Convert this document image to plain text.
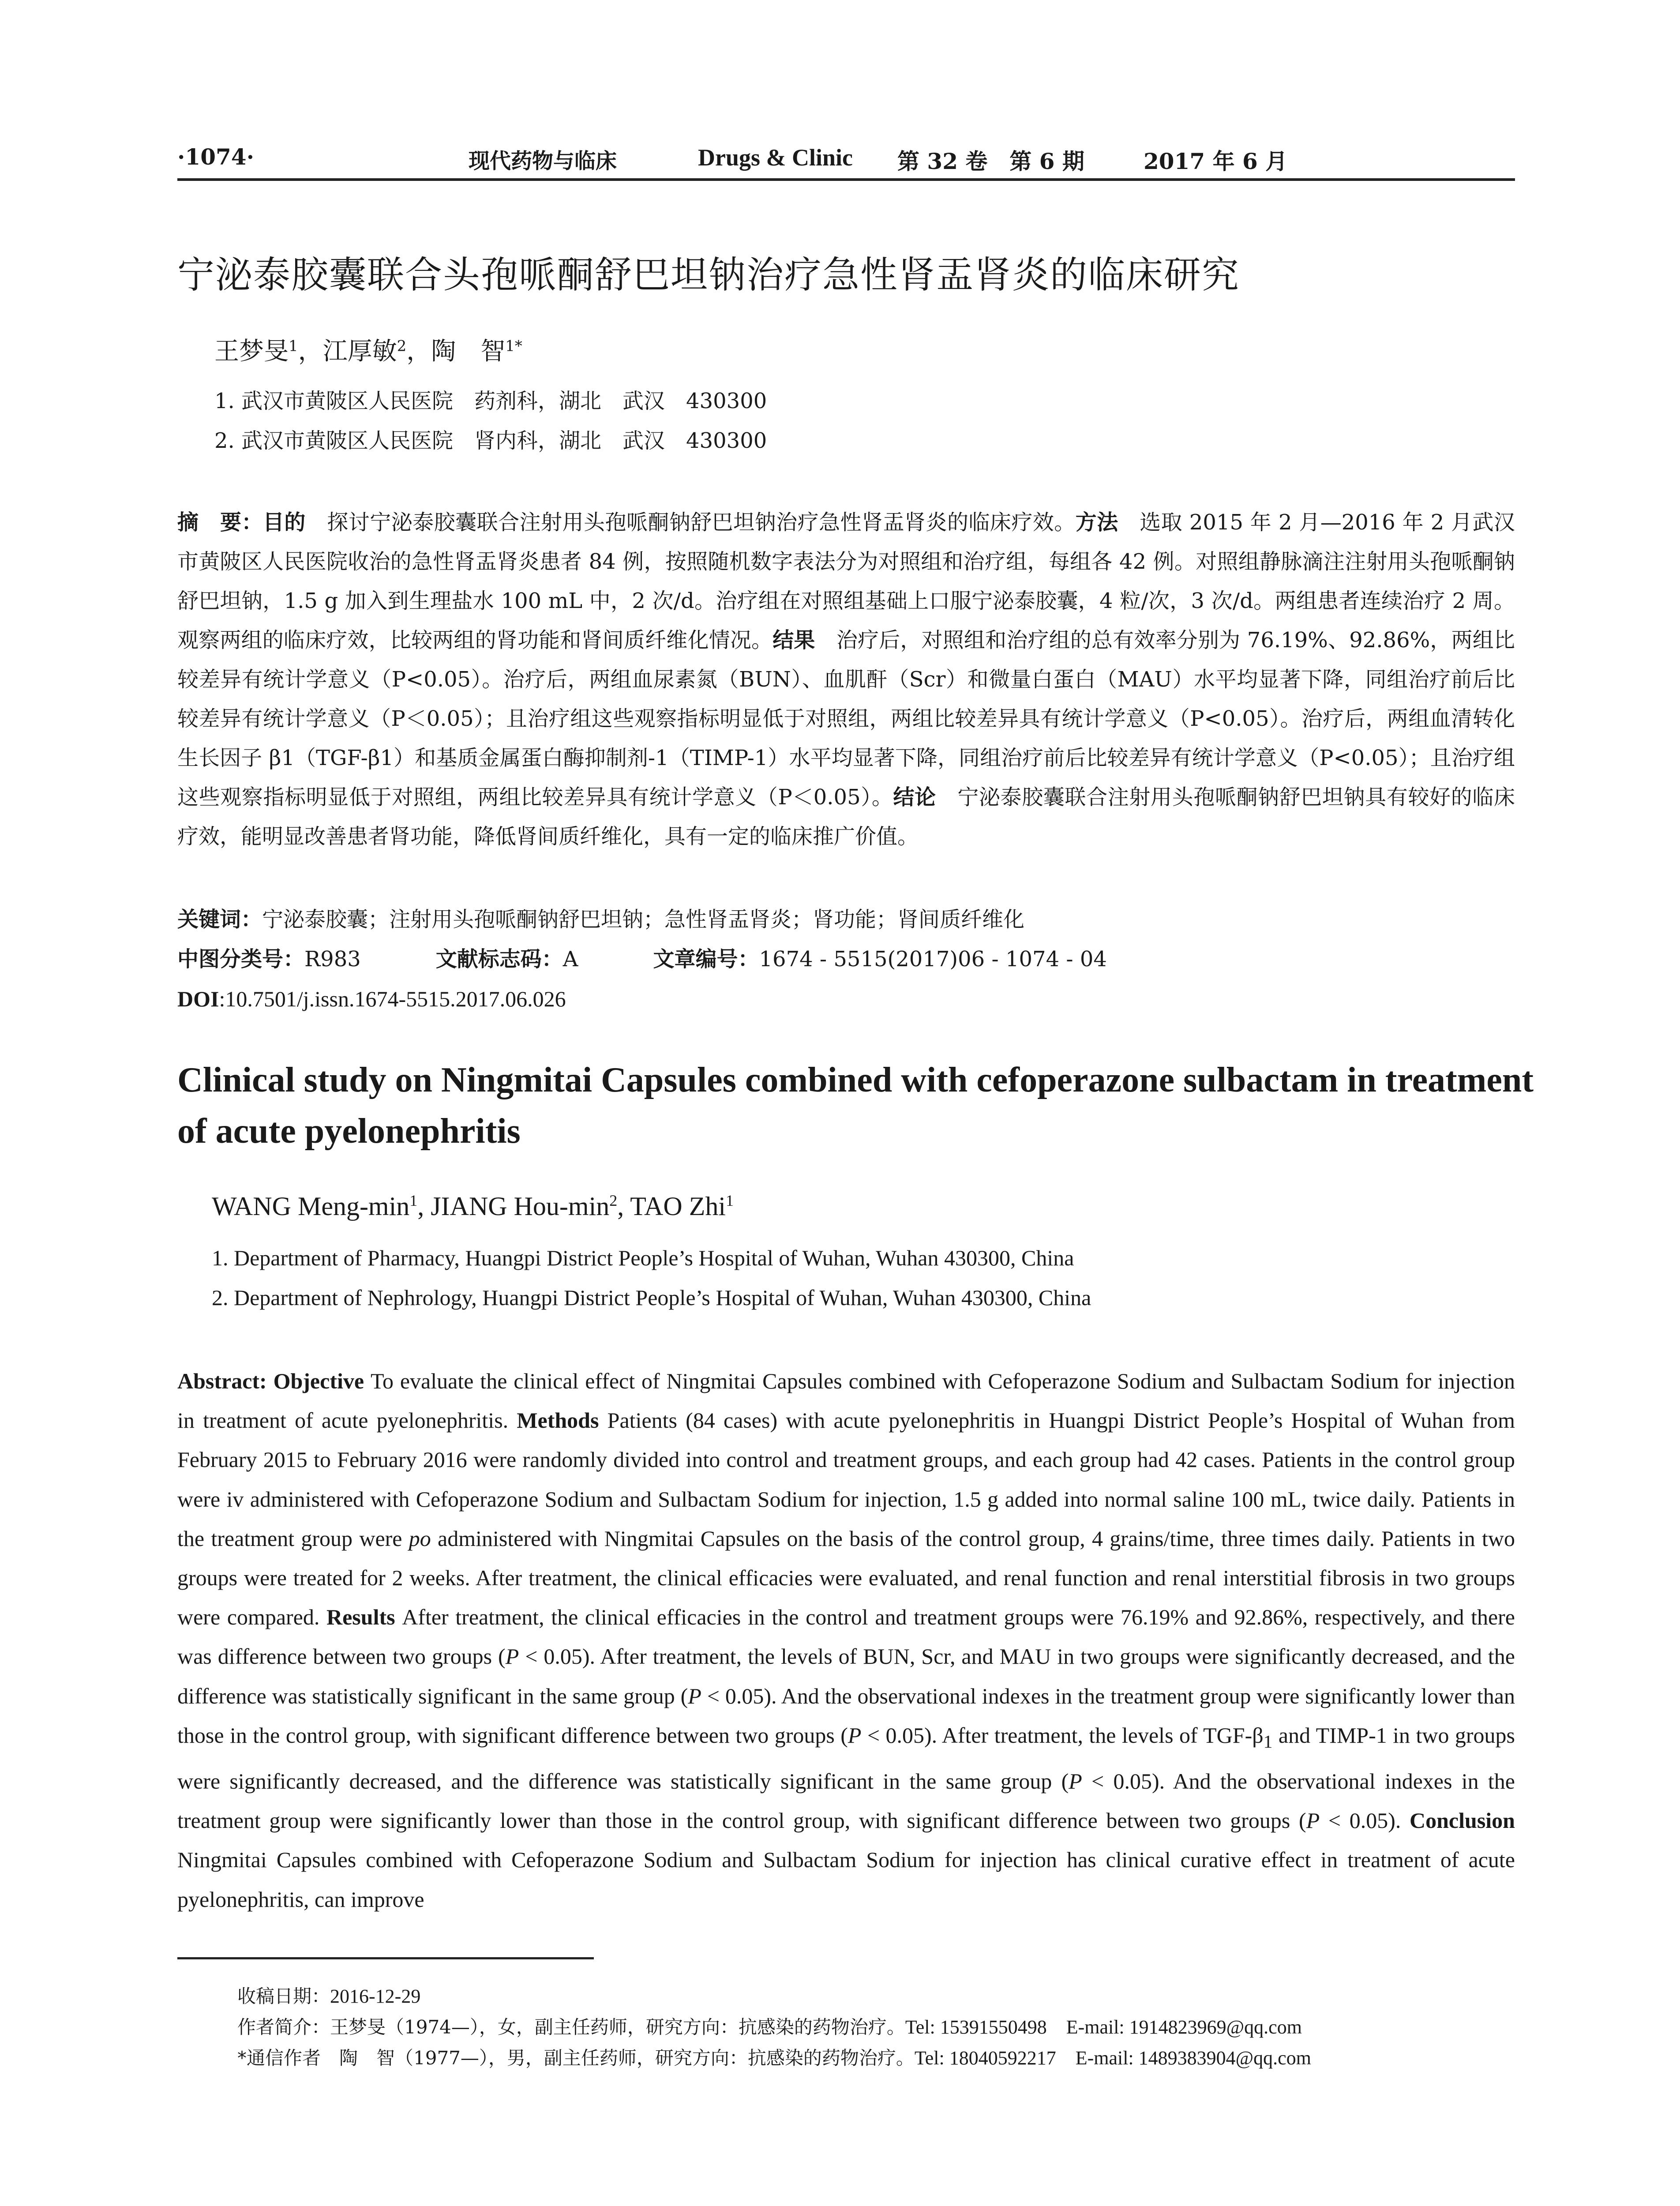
·1074·	现代药物与临床	Drugs & Clinic 第 32 卷　第 6 期	2017 年 6 月
宁泌泰胶囊联合头孢哌酮舒巴坦钠治疗急性肾盂肾炎的临床研究
王梦旻$^1$，江厚敏$^2$，陶　智$^{1*}$
1. 武汉市黄陂区人民医院　药剂科，湖北　武汉　430300
2. 武汉市黄陂区人民医院　肾内科，湖北　武汉　430300
摘　要：目的　探讨宁泌泰胶囊联合注射用头孢哌酮钠舒巴坦钠治疗急性肾盂肾炎的临床疗效。方法　选取 2015 年 2 月—2016 年 2 月武汉市黄陂区人民医院收治的急性肾盂肾炎患者 84 例，按照随机数字表法分为对照组和治疗组，每组各 42 例。对照组静脉滴注注射用头孢哌酮钠舒巴坦钠，1.5 g 加入到生理盐水 100 mL 中，2 次/d。治疗组在对照组基础上口服宁泌泰胶囊，4 粒/次，3 次/d。两组患者连续治疗 2 周。观察两组的临床疗效，比较两组的肾功能和肾间质纤维化情况。结果　治疗后，对照组和治疗组的总有效率分别为 76.19%、92.86%，两组比较差异有统计学意义（P<0.05）。治疗后，两组血尿素氮（BUN）、血肌酐（Scr）和微量白蛋白（MAU）水平均显著下降，同组治疗前后比较差异有统计学意义（P＜0.05）；且治疗组这些观察指标明显低于对照组，两组比较差异具有统计学意义（P<0.05）。治疗后，两组血清转化生长因子 β1（TGF-β1）和基质金属蛋白酶抑制剂-1（TIMP-1）水平均显著下降，同组治疗前后比较差异有统计学意义（P<0.05）；且治疗组这些观察指标明显低于对照组，两组比较差异具有统计学意义（P＜0.05）。结论　宁泌泰胶囊联合注射用头孢哌酮钠舒巴坦钠具有较好的临床疗效，能明显改善患者肾功能，降低肾间质纤维化，具有一定的临床推广价值。
关键词：宁泌泰胶囊；注射用头孢哌酮钠舒巴坦钠；急性肾盂肾炎；肾功能；肾间质纤维化
中图分类号：R983	文献标志码：A	文章编号：1674 - 5515(2017)06 - 1074 - 04
DOI:10.7501/j.issn.1674-5515.2017.06.026
Clinical study on Ningmitai Capsules combined with cefoperazone sulbactam in treatment of acute pyelonephritis
WANG Meng-$\min^1$, JIANG Hou-$\min^2$, TAO Zhi$^1$
1. Department of Pharmacy, Huangpi District People’s Hospital of Wuhan, Wuhan 430300, China
2. Department of Nephrology, Huangpi District People’s Hospital of Wuhan, Wuhan 430300, China
Abstract: Objective To evaluate the clinical effect of Ningmitai Capsules combined with Cefoperazone Sodium and Sulbactam Sodium for injection in treatment of acute pyelonephritis. Methods Patients (84 cases) with acute pyelonephritis in Huangpi District People’s Hospital of Wuhan from February 2015 to February 2016 were randomly divided into control and treatment groups, and each group had 42 cases. Patients in the control group were iv administered with Cefoperazone Sodium and Sulbactam Sodium for injection, 1.5 g added into normal saline 100 mL, twice daily. Patients in the treatment group were po administered with Ningmitai Capsules on the basis of the control group, 4 grains/time, three times daily. Patients in two groups were treated for 2 weeks. After treatment, the clinical efficacies were evaluated, and renal function and renal interstitial fibrosis in two groups were compared. Results After treatment, the clinical efficacies in the control and treatment groups were 76.19% and 92.86%, respectively, and there was difference between two groups (P < 0.05). After treatment, the levels of BUN, Scr, and MAU in two groups were significantly decreased, and the difference was statistically significant in the same group (P < 0.05). And the observational indexes in the treatment group were significantly lower than those in the control group, with significant difference between two groups (P < 0.05). After treatment, the levels of TGF-$\beta_1$ and TIMP-1 in two groups were significantly decreased, and the difference was statistically significant in the same group (P < 0.05). And the observational indexes in the treatment group were significantly lower than those in the control group, with significant difference between two groups (P < 0.05). Conclusion Ningmitai Capsules combined with Cefoperazone Sodium and Sulbactam Sodium for injection has clinical curative effect in treatment of acute pyelonephritis, can improve
收稿日期：2016-12-29
作者简介：王梦旻（1974—），女，副主任药师，研究方向：抗感染的药物治疗。Tel: 15391550498　E-mail: 1914823969@qq.com
*通信作者　陶　智（1977—），男，副主任药师，研究方向：抗感染的药物治疗。Tel: 18040592217　E-mail: 1489383904@qq.com
